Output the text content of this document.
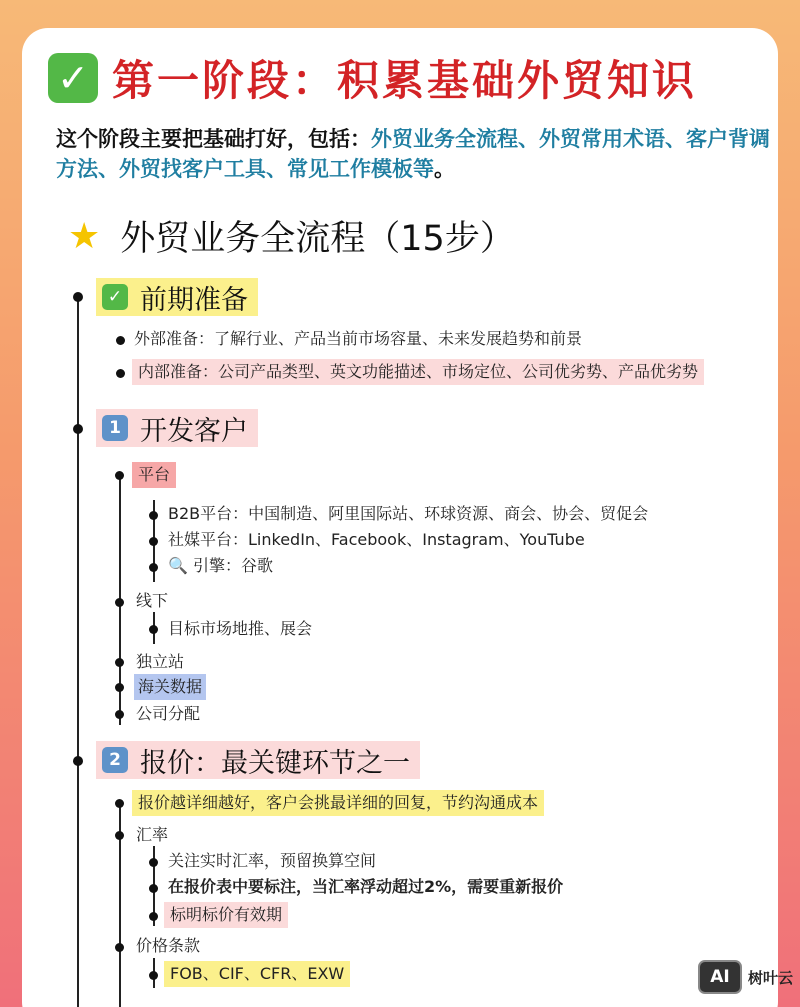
✓ 第一阶段：积累基础外贸知识
这个阶段主要把基础打好，包括：外贸业务全流程、外贸常用术语、客户背调方法、外贸找客户工具、常见工作模板等。
★ 外贸业务全流程（15步）
✓ 前期准备
外部准备：了解行业、产品当前市场容量、未来发展趋势和前景
内部准备：公司产品类型、英文功能描述、市场定位、公司优劣势、产品优劣势
1 开发客户
平台
B2B平台：中国制造、阿里国际站、环球资源、商会、协会、贸促会
社媒平台：LinkedIn、Facebook、Instagram、YouTube
🔍 引擎：谷歌
线下
目标市场地推、展会
独立站
海关数据
公司分配
2 报价：最关键环节之一
报价越详细越好，客户会挑最详细的回复，节约沟通成本
汇率
关注实时汇率，预留换算空间
在报价表中要标注，当汇率浮动超过2%，需要重新报价
标明标价有效期
价格条款
FOB、CIF、CFR、EXW	AI	树叶云
